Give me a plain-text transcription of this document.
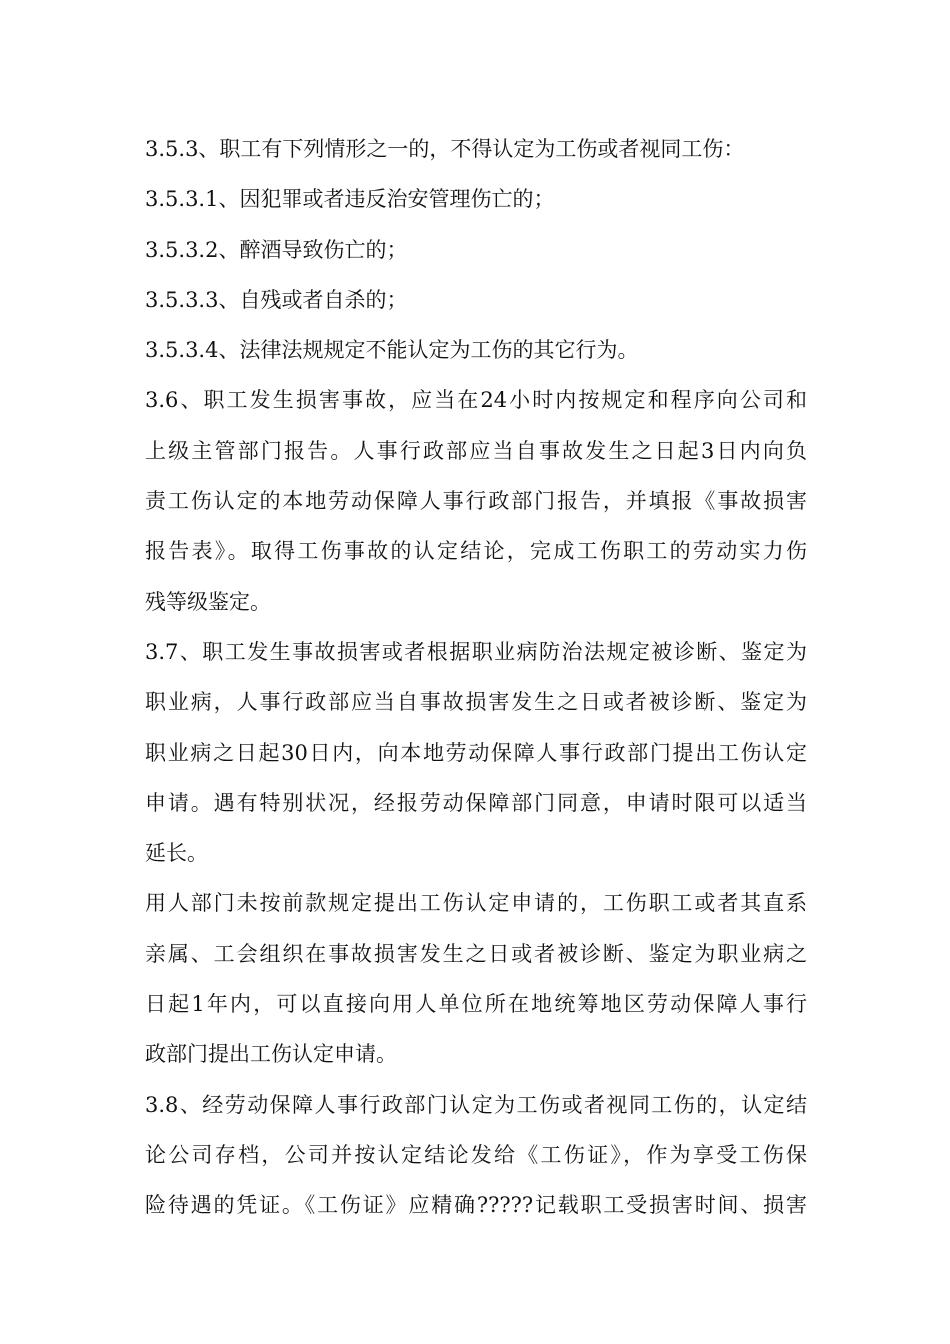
3.5.3、职工有下列情形之一的，不得认定为工伤或者视同工伤：
3.5.3.1、因犯罪或者违反治安管理伤亡的；
3.5.3.2、醉酒导致伤亡的；
3.5.3.3、自残或者自杀的；
3.5.3.4、法律法规规定不能认定为工伤的其它行为。
3.6、职工发生损害事故，应当在24小时内按规定和程序向公司和
上级主管部门报告。人事行政部应当自事故发生之日起3日内向负
责工伤认定的本地劳动保障人事行政部门报告，并填报《事故损害
报告表》。取得工伤事故的认定结论，完成工伤职工的劳动实力伤
残等级鉴定。
3.7、职工发生事故损害或者根据职业病防治法规定被诊断、鉴定为
职业病，人事行政部应当自事故损害发生之日或者被诊断、鉴定为
职业病之日起30日内，向本地劳动保障人事行政部门提出工伤认定
申请。遇有特别状况，经报劳动保障部门同意，申请时限可以适当
延长。
用人部门未按前款规定提出工伤认定申请的，工伤职工或者其直系
亲属、工会组织在事故损害发生之日或者被诊断、鉴定为职业病之
日起1年内，可以直接向用人单位所在地统筹地区劳动保障人事行
政部门提出工伤认定申请。
3.8、经劳动保障人事行政部门认定为工伤或者视同工伤的，认定结
论公司存档，公司并按认定结论发给《工伤证》，作为享受工伤保
险待遇的凭证。《工伤证》应精确?????记载职工受损害时间、损害
